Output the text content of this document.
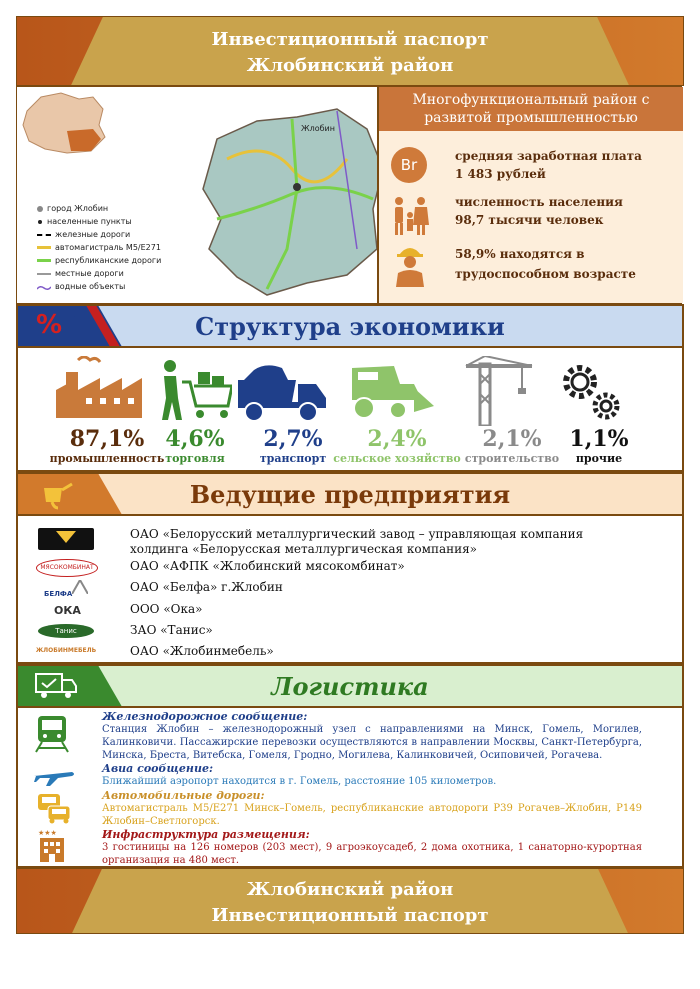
Инвестиционный паспорт
Жлобинский район
Жлобин
город Жлобин
населенные пункты
железные дороги
автомагистраль М5/Е271
республиканские дороги
местные дороги
водные объекты
Многофункциональный район с развитой промышленностью
Br	средняя заработная плата
1 483 рублей
численность населения
98,7 тысячи человек
58,9% находятся в
трудоспособном возрасте
%	Структура экономики
87,1%
промышленность
4,6%
торговля
2,7%
транспорт
2,4%
сельское хозяйство
2,1%
строительство
1,1%
прочие
Ведущие предприятия
МЯСОКОМБИНАТ
БЕЛФА
ОКА
Танис
ЖЛОБИНМЕБЕЛЬ
ОАО «Белорусский металлургический завод – управляющая компания холдинга «Белорусская металлургическая компания»
ОАО «АФПК «Жлобинский мясокомбинат»
ОАО «Белфа» г.Жлобин
ООО «Ока»
ЗАО «Танис»
ОАО «Жлобинмебель»
Логистика
★★★
Железнодорожное сообщение:
Станция Жлобин – железнодорожный узел с направлениями на Минск, Гомель, Могилев, Калинковичи. Пассажирские перевозки осуществляются в направлении Москвы, Санкт-Петербурга, Минска, Бреста, Витебска, Гомеля, Гродно, Могилева, Калинковичей, Осиповичей, Рогачева.
Авиа сообщение:
Ближайший аэропорт находится в г. Гомель, расстояние 105 километров.
Автомобильные дороги:
Автомагистраль М5/Е271 Минск–Гомель, республиканские автодороги Р39 Рогачев–Жлобин, Р149 Жлобин–Светлогорск.
Инфраструктура размещения:
3 гостиницы на 126 номеров (203 мест), 9 агроэкоусадеб, 2 дома охотника, 1 санаторно-курортная организация на 480 мест.
Жлобинский район
Инвестиционный паспорт
